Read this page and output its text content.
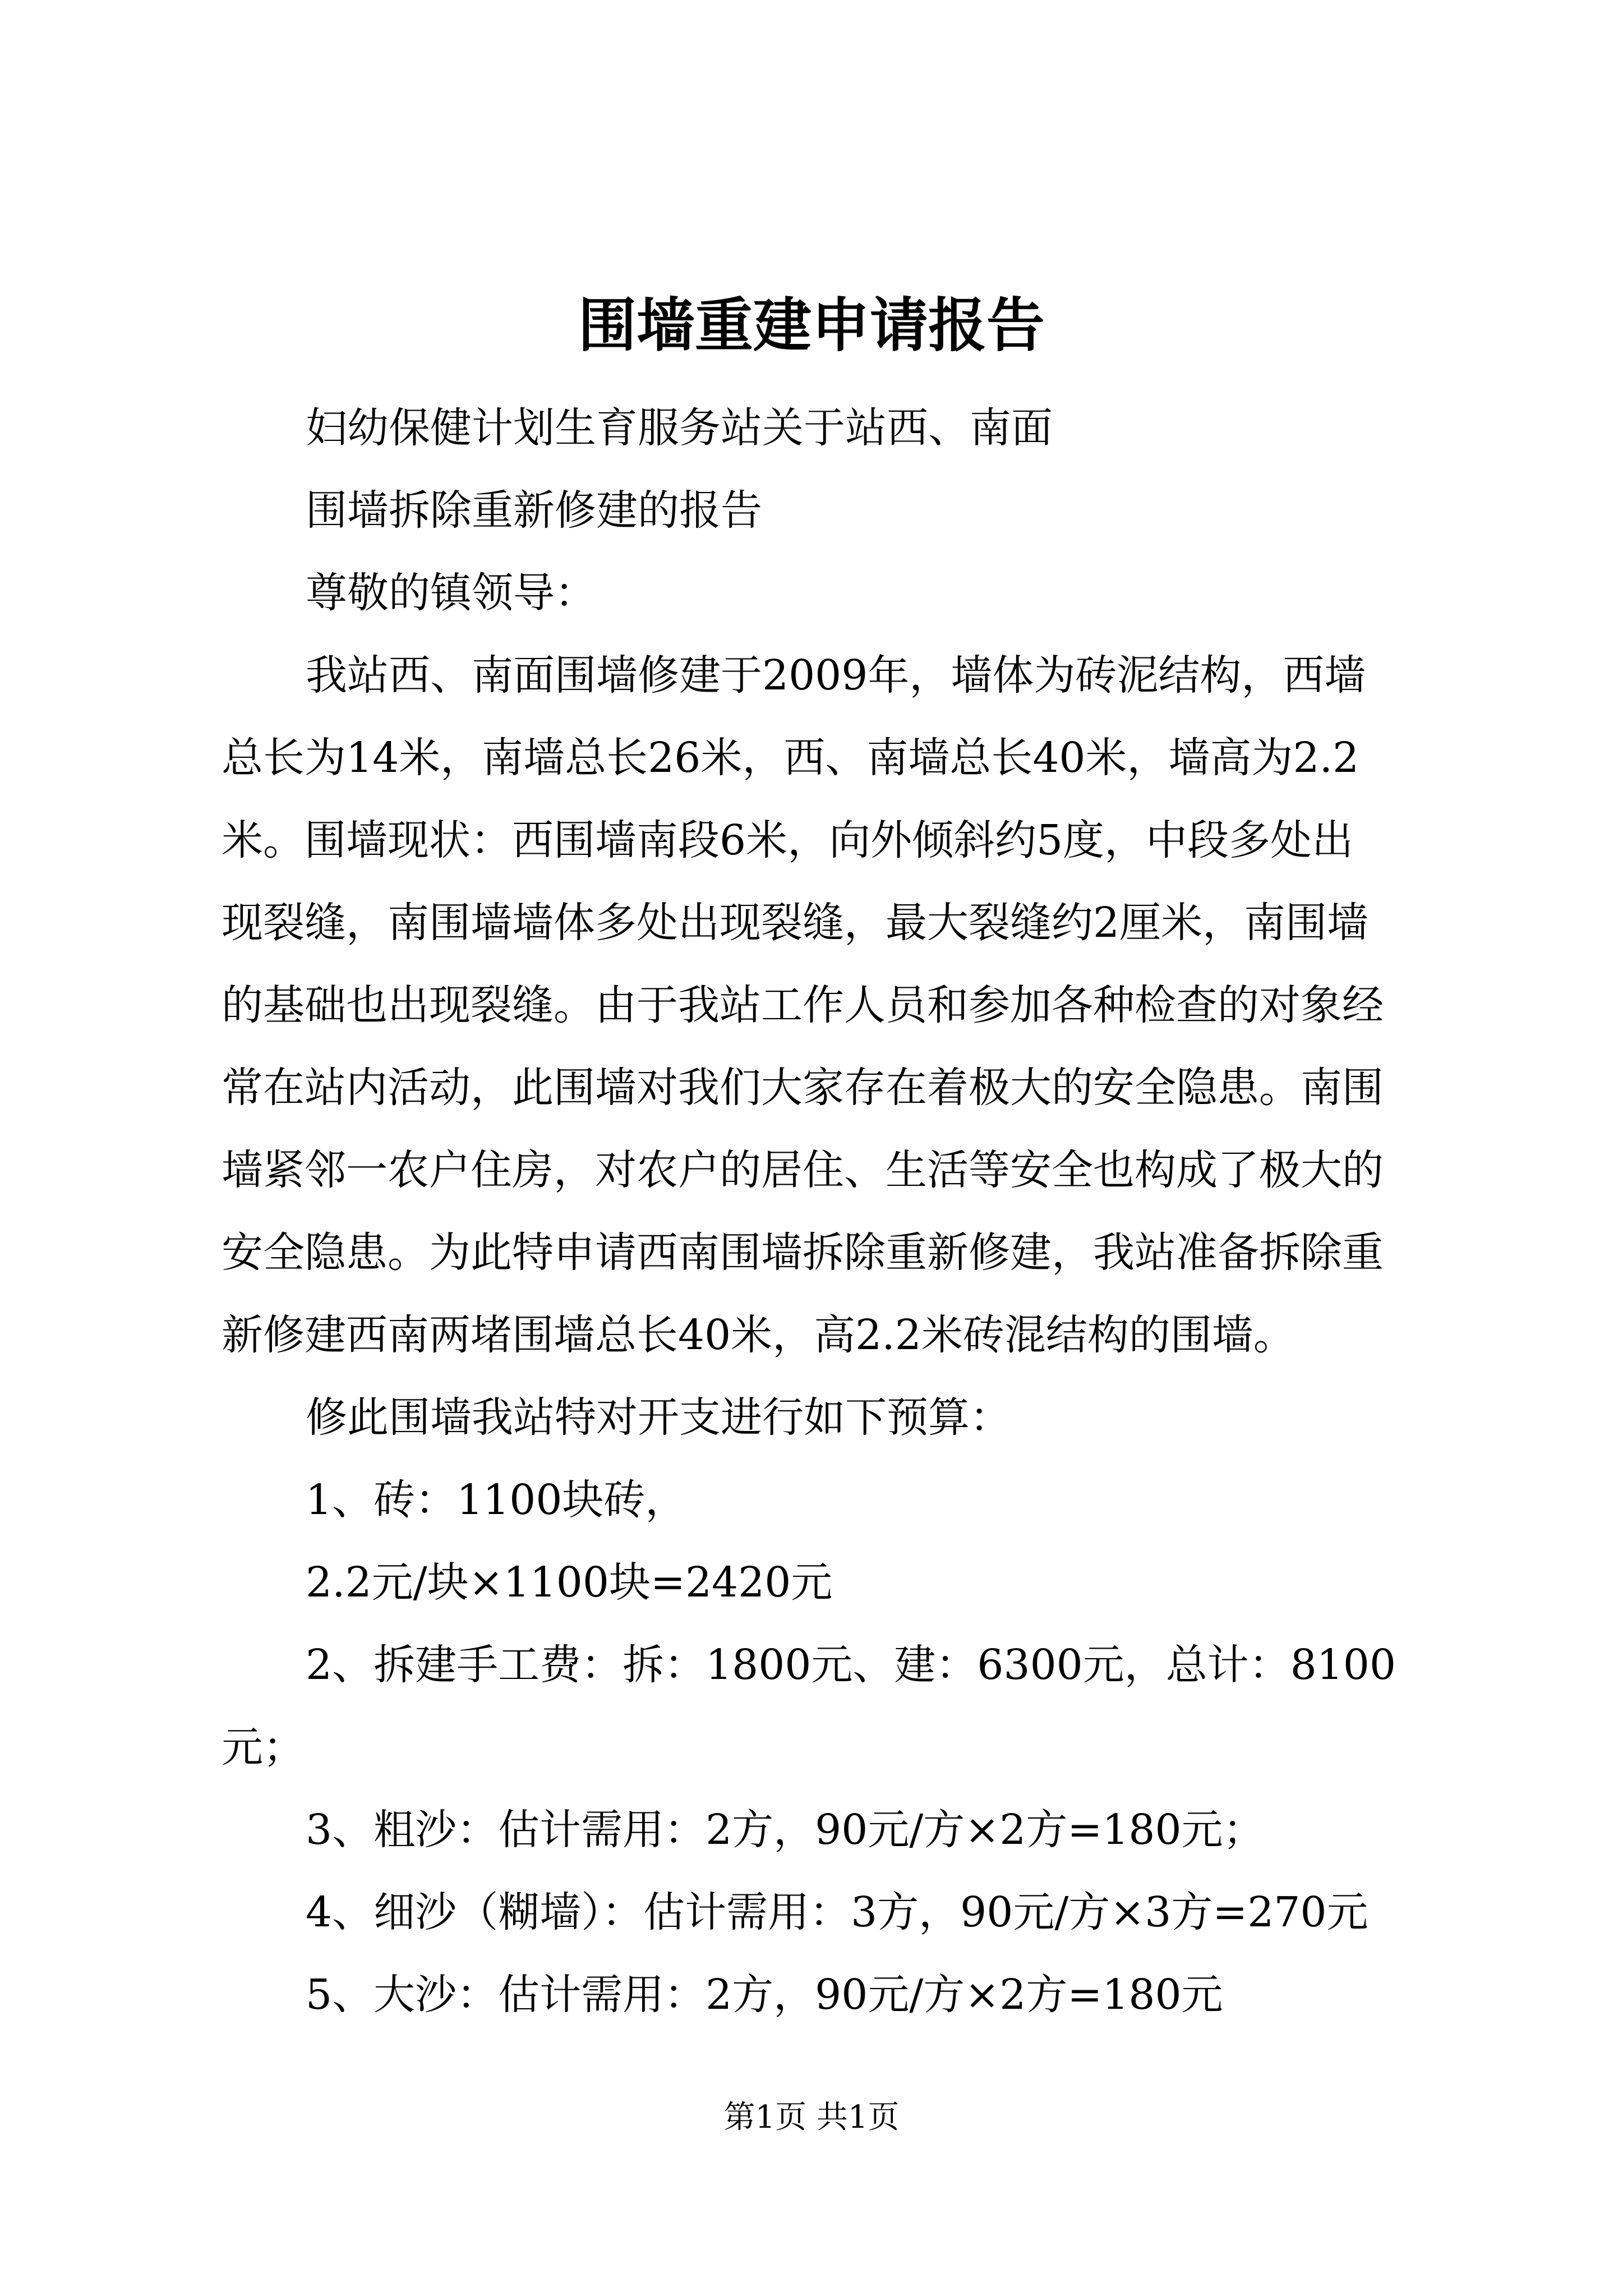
围墙重建申请报告

妇幼保健计划生育服务站关于站西、南面

围墙拆除重新修建的报告

尊敬的镇领导：

我站西、南面围墙修建于2009年，墙体为砖泥结构，西墙

总长为14米，南墙总长26米，西、南墙总长40米，墙高为2.2

米。围墙现状：西围墙南段6米，向外倾斜约5度，中段多处出

现裂缝，南围墙墙体多处出现裂缝，最大裂缝约2厘米，南围墙

的基础也出现裂缝。由于我站工作人员和参加各种检查的对象经

常在站内活动，此围墙对我们大家存在着极大的安全隐患。南围

墙紧邻一农户住房，对农户的居住、生活等安全也构成了极大的

安全隐患。为此特申请西南围墙拆除重新修建，我站准备拆除重

新修建西南两堵围墙总长40米，高2.2米砖混结构的围墙。

修此围墙我站特对开支进行如下预算：

1、砖：1100块砖，

2.2元/块×1100块=2420元

2、拆建手工费：拆：1800元、建：6300元，总计：8100

元；

3、粗沙：估计需用：2方，90元/方×2方=180元；

4、细沙（糊墙）：估计需用：3方，90元/方×3方=270元

5、大沙：估计需用：2方，90元/方×2方=180元

第1页 共1页
